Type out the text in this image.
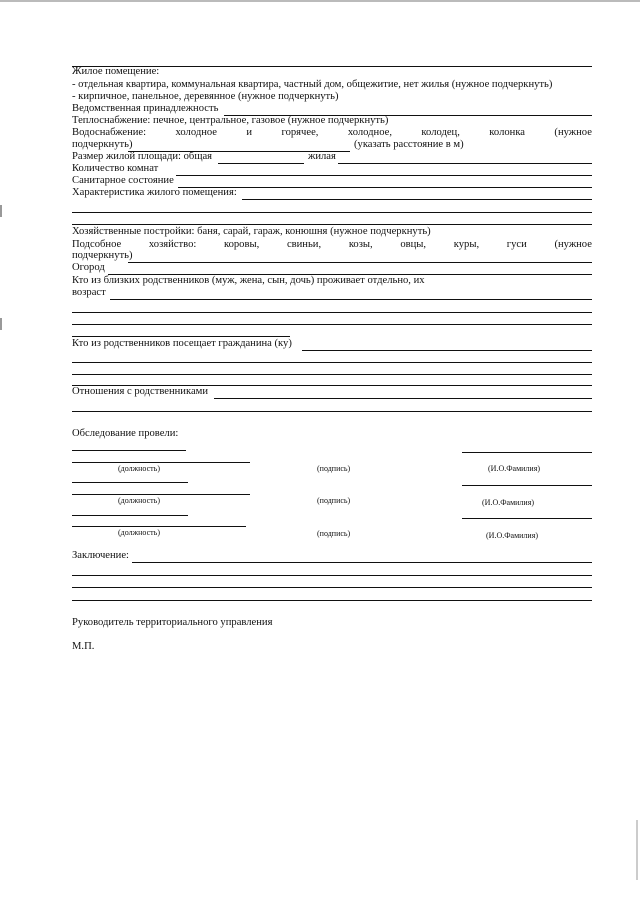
Жилое помещение:
- отдельная квартира, коммунальная квартира, частный дом, общежитие, нет жилья (нужное подчеркнуть)
- кирпичное, панельное, деревянное (нужное подчеркнуть)
Ведомственная принадлежность
Теплоснабжение: печное, центральное, газовое (нужное подчеркнуть)
Водоснабжение:	холодное	и	горячее,	холодное,	колодец,	колонка	(нужное
подчеркнуть)	(указать расстояние в м)
Размер жилой площади: общая	жилая
Количество комнат
Санитарное состояние
Характеристика жилого помещения:
Хозяйственные постройки: баня, сарай, гараж, конюшня (нужное подчеркнуть)
Подсобное	хозяйство:	коровы,	свиньи,	козы,	овцы,	куры,	гуси	(нужное
подчеркнуть)
Огород
Кто из близких родственников (муж, жена, сын, дочь) проживает отдельно, их
возраст
Кто из родственников посещает гражданина (ку)
Отношения с родственниками
Обследование провели:
(должность)	(подпись)	(И.О.Фамилия)
(должность)	(подпись)	(И.О.Фамилия)
(должность)	(подпись)	(И.О.Фамилия)
Заключение:
Руководитель территориального управления
М.П.
